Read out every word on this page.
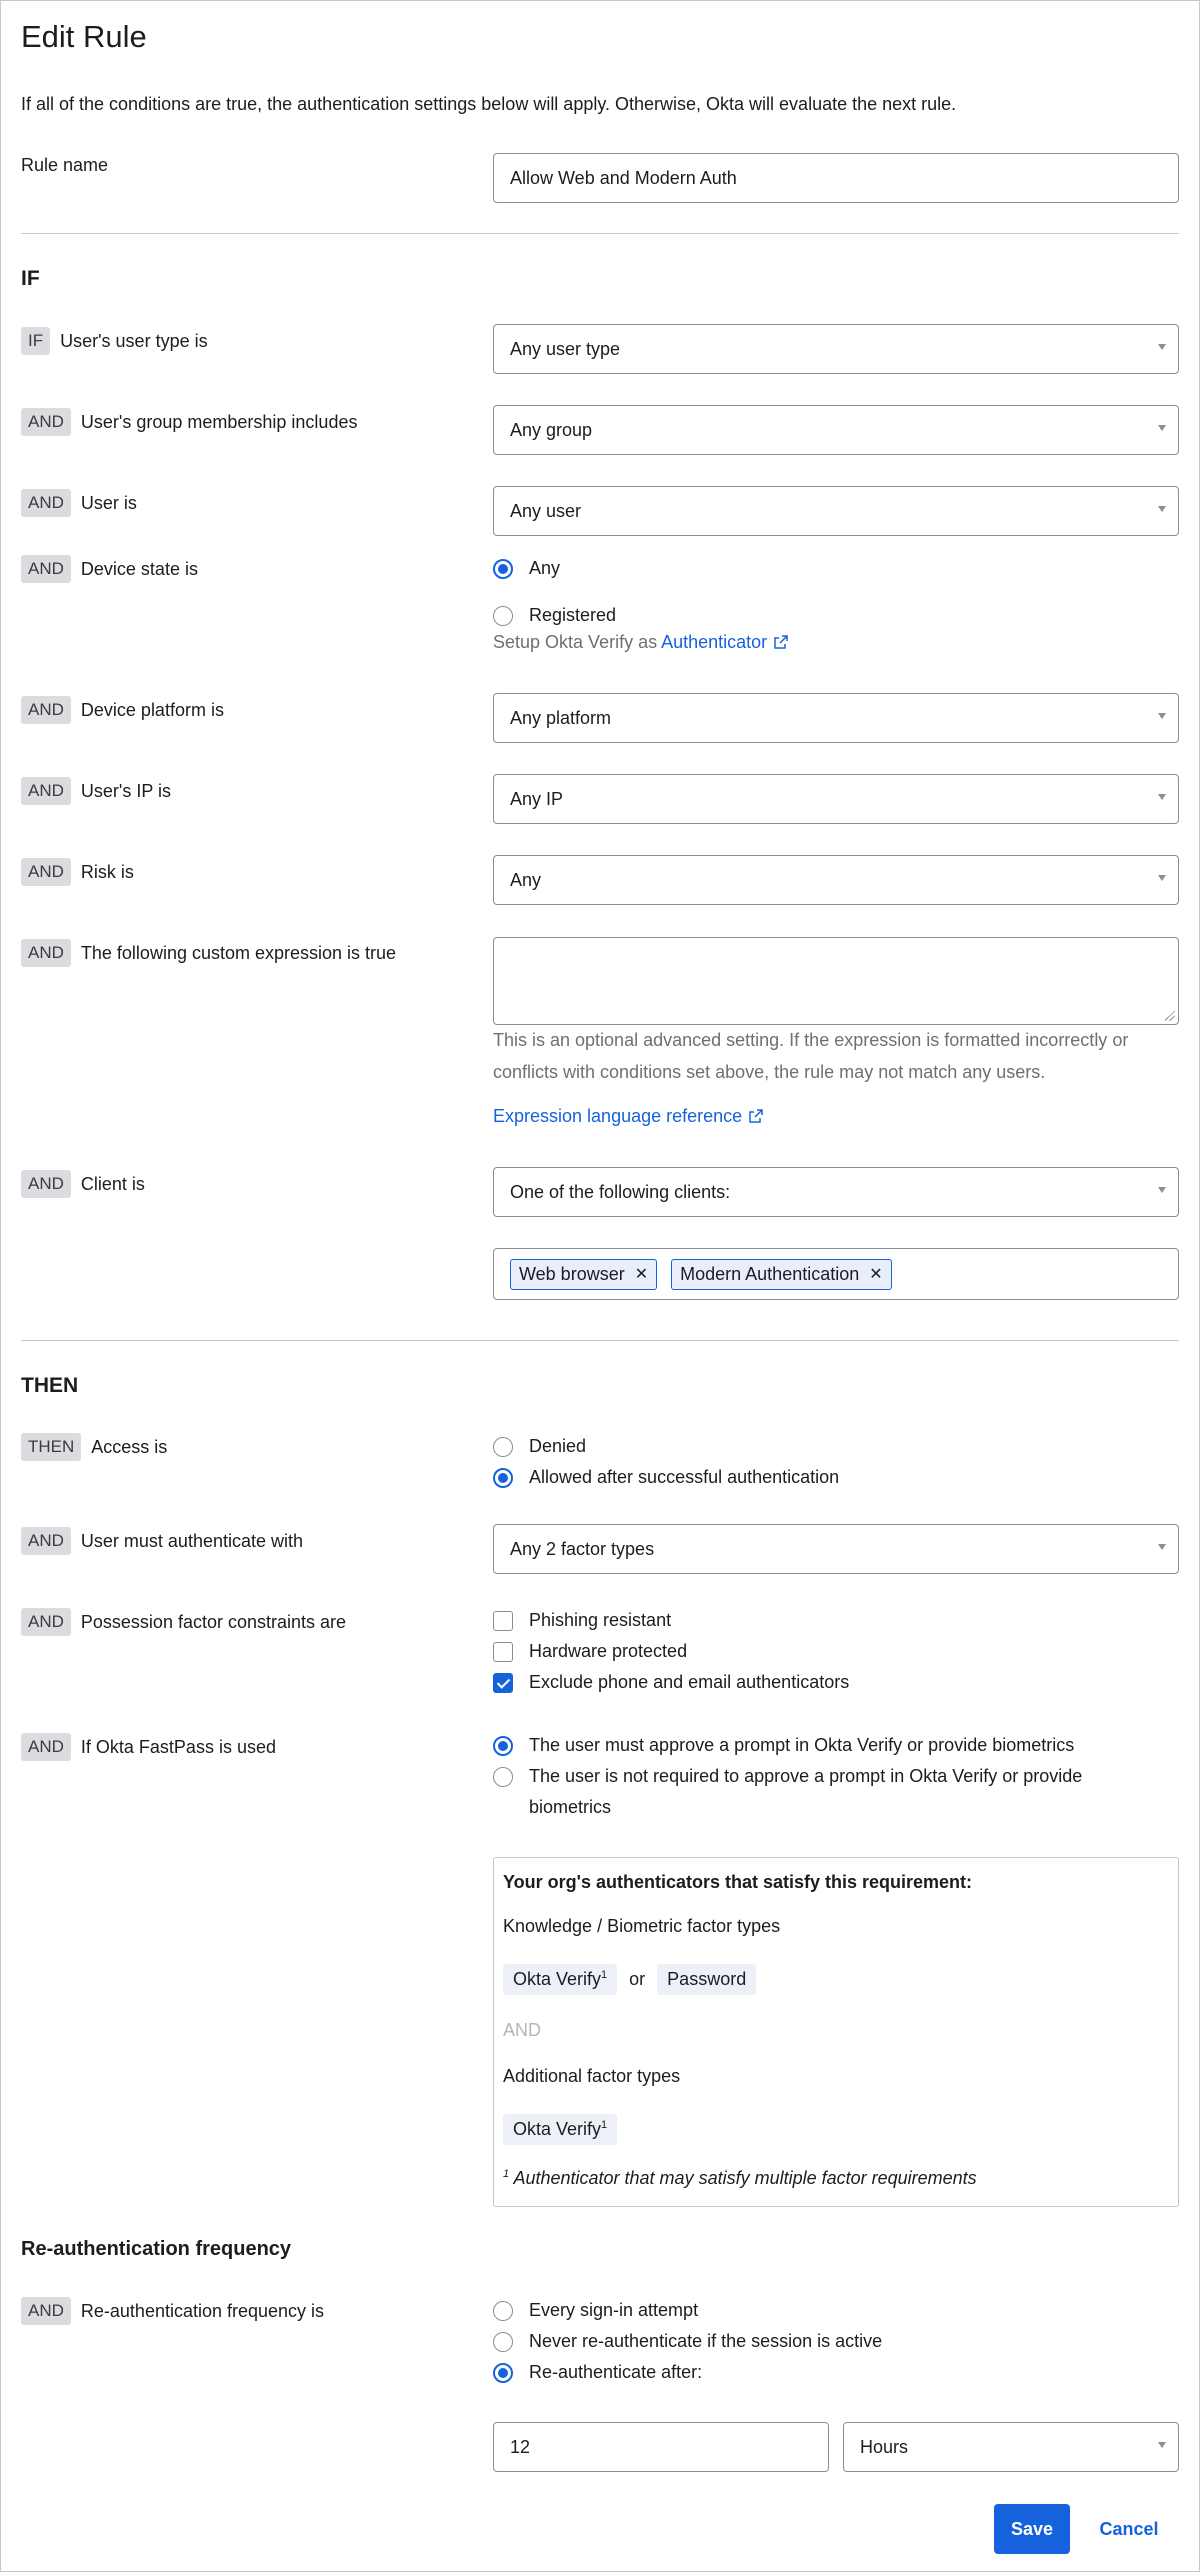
Edit Rule
If all of the conditions are true, the authentication settings below will apply. Otherwise, Okta will evaluate the next rule.
Rule name
Allow Web and Modern Auth
IF
IF User's user type is	Any user type
AND User's group membership includes	Any group
AND User is	Any user
AND Device state is	Any
Registered
Setup Okta Verify as Authenticator
AND Device platform is	Any platform
AND User's IP is	Any IP
AND Risk is	Any
AND The following custom expression is true
This is an optional advanced setting. If the expression is formatted incorrectly or
conflicts with conditions set above, the rule may not match any users.
Expression language reference
AND Client is	One of the following clients:
Web browser ✕ Modern Authentication ✕
THEN
THEN Access is	Denied
Allowed after successful authentication
AND User must authenticate with	Any 2 factor types
AND Possession factor constraints are	Phishing resistant
Hardware protected
Exclude phone and email authenticators
AND If Okta FastPass is used	The user must approve a prompt in Okta Verify or provide biometrics
The user is not required to approve a prompt in Okta Verify or provide
biometrics
Your org's authenticators that satisfy this requirement:
Knowledge / Biometric factor types
Okta Verify$^1$	or	Password
AND
Additional factor types
Okta Verify$^1$
$^1$ Authenticator that may satisfy multiple factor requirements
Re-authentication frequency
AND Re-authentication frequency is	Every sign-in attempt
Never re-authenticate if the session is active
Re-authenticate after:
12	Hours
Save	Cancel
